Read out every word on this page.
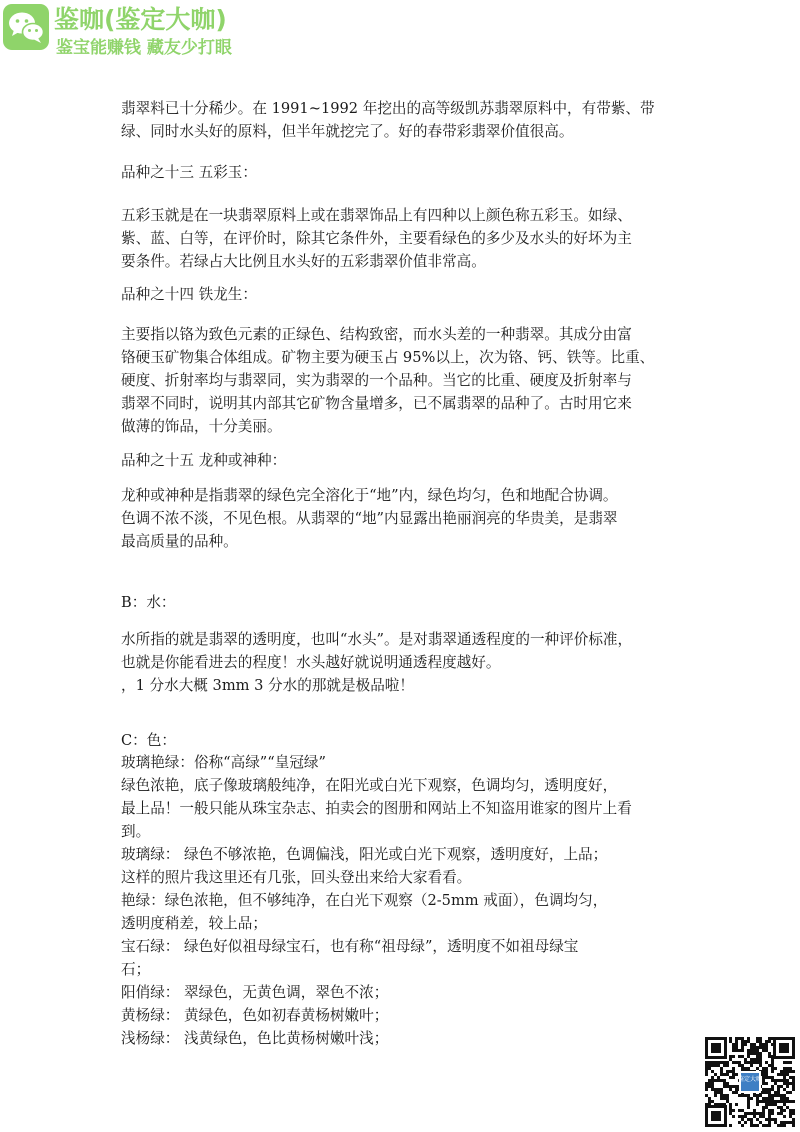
鉴咖(鉴定大咖)
鉴宝能赚钱 藏友少打眼
翡翠料已十分稀少。在 1991~1992 年挖出的高等级凯苏翡翠原料中，有带紫、带
绿、同时水头好的原料，但半年就挖完了。好的春带彩翡翠价值很高。
品种之十三 五彩玉：
五彩玉就是在一块翡翠原料上或在翡翠饰品上有四种以上颜色称五彩玉。如绿、
紫、蓝、白等，在评价时，除其它条件外，主要看绿色的多少及水头的好坏为主
要条件。若绿占大比例且水头好的五彩翡翠价值非常高。
品种之十四 铁龙生：
主要指以铬为致色元素的正绿色、结构致密，而水头差的一种翡翠。其成分由富
铬硬玉矿物集合体组成。矿物主要为硬玉占 95%以上，次为铬、钙、铁等。比重、
硬度、折射率均与翡翠同，实为翡翠的一个品种。当它的比重、硬度及折射率与
翡翠不同时，说明其内部其它矿物含量增多，已不属翡翠的品种了。古时用它来
做薄的饰品，十分美丽。
品种之十五 龙种或神种：
龙种或神种是指翡翠的绿色完全溶化于“地”内，绿色均匀，色和地配合协调。
色调不浓不淡，不见色根。从翡翠的“地”内显露出艳丽润亮的华贵美，是翡翠
最高质量的品种。
B：水：
水所指的就是翡翠的透明度，也叫“水头”。是对翡翠通透程度的一种评价标准，
也就是你能看进去的程度！水头越好就说明通透程度越好。
，1 分水大概 3mm 3 分水的那就是极品啦！
C：色：
玻璃艳绿：俗称“高绿”“皇冠绿”
绿色浓艳，底子像玻璃般纯净，在阳光或白光下观察，色调均匀，透明度好，
最上品！一般只能从珠宝杂志、拍卖会的图册和网站上不知盗用谁家的图片上看
到。
玻璃绿： 绿色不够浓艳，色调偏浅，阳光或白光下观察，透明度好，上品；
这样的照片我这里还有几张，回头登出来给大家看看。
艳绿：绿色浓艳，但不够纯净，在白光下观察（2-5mm 戒面），色调均匀，
透明度稍差，较上品；
宝石绿： 绿色好似祖母绿宝石，也有称“祖母绿”，透明度不如祖母绿宝
石；
阳俏绿： 翠绿色，无黄色调，翠色不浓；
黄杨绿： 黄绿色，色如初春黄杨树嫩叶；
浅杨绿： 浅黄绿色，色比黄杨树嫩叶浅；
鉴定大咖
